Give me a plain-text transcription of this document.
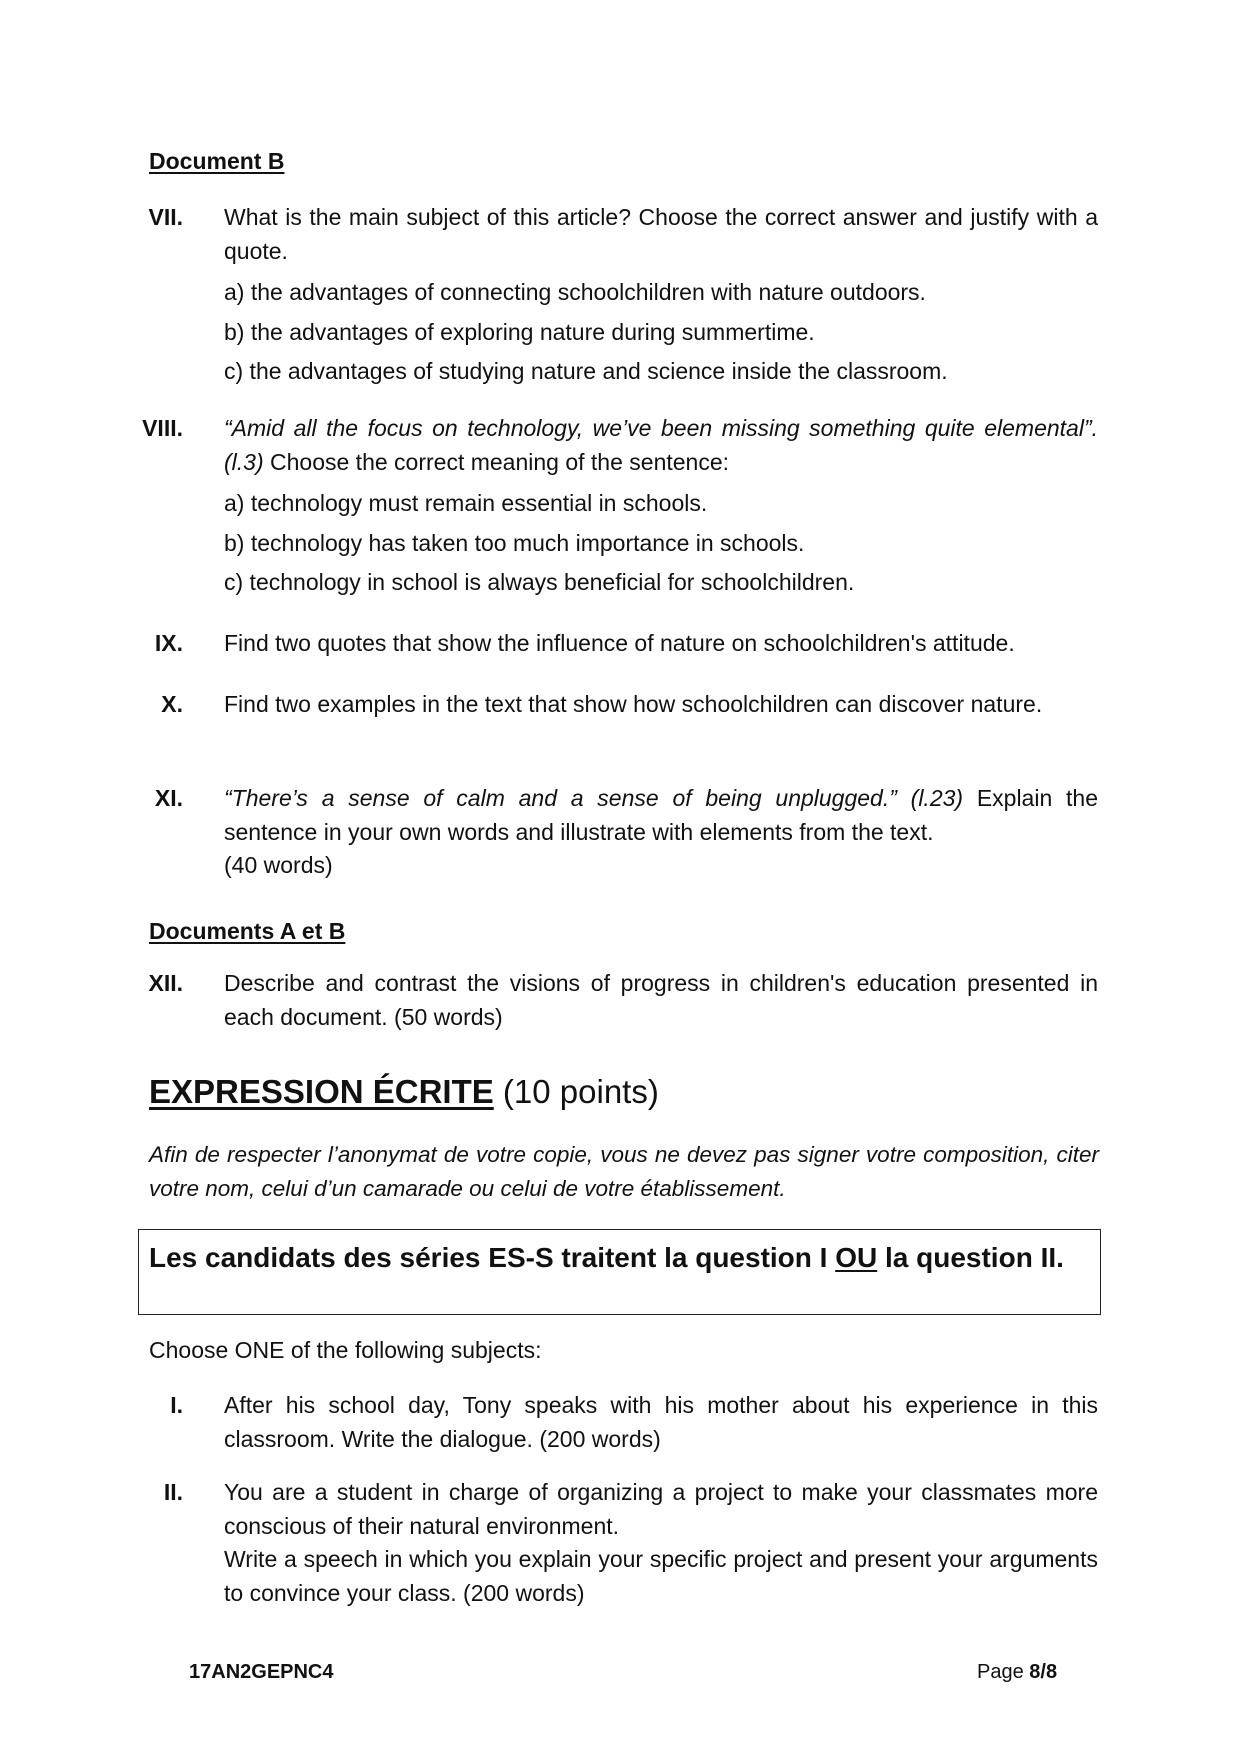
Document B
VII. What is the main subject of this article? Choose the correct answer and justify with a quote.

a) the advantages of connecting schoolchildren with nature outdoors.
b) the advantages of exploring nature during summertime.
c) the advantages of studying nature and science inside the classroom.
VIII. “Amid all the focus on technology, we’ve been missing something quite elemental”. (l.3) Choose the correct meaning of the sentence:

a) technology must remain essential in schools.
b) technology has taken too much importance in schools.
c) technology in school is always beneficial for schoolchildren.
IX. Find two quotes that show the influence of nature on schoolchildren's attitude.

X. Find two examples in the text that show how schoolchildren can discover nature.

XI. “There’s a sense of calm and a sense of being unplugged.” (l.23) Explain the sentence in your own words and illustrate with elements from the text.

(40 words)

Documents A et B
XII. Describe and contrast the visions of progress in children's education presented in each document. (50 words)

EXPRESSION ÉCRITE (10 points)
Afin de respecter l’anonymat de votre copie, vous ne devez pas signer votre composition, citer votre nom, celui d’un camarade ou celui de votre établissement.
Les candidats des séries ES-S traitent la question I OU la question II.
Choose ONE of the following subjects:
I. After his school day, Tony speaks with his mother about his experience in this classroom. Write the dialogue. (200 words)

II. You are a student in charge of organizing a project to make your classmates more conscious of their natural environment.

Write a speech in which you explain your specific project and present your arguments to convince your class. (200 words)

17AN2GEPNC4	Page 8/8
